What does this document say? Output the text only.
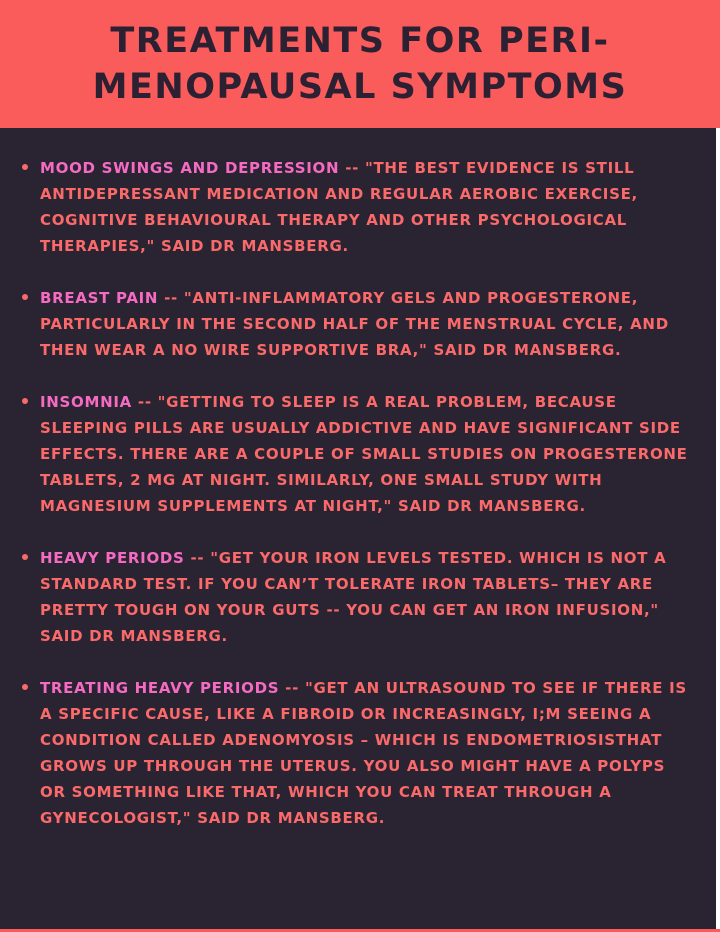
TREATMENTS FOR PERI-
MENOPAUSAL SYMPTOMS
MOOD SWINGS AND DEPRESSION -- "THE BEST EVIDENCE IS STILL ANTIDEPRESSANT MEDICATION AND REGULAR AEROBIC EXERCISE, COGNITIVE BEHAVIOURAL THERAPY AND OTHER PSYCHOLOGICAL THERAPIES," SAID DR MANSBERG.
BREAST PAIN -- "ANTI-INFLAMMATORY GELS AND PROGESTERONE, PARTICULARLY IN THE SECOND HALF OF THE MENSTRUAL CYCLE, AND THEN WEAR A NO WIRE SUPPORTIVE BRA," SAID DR MANSBERG.
INSOMNIA -- "GETTING TO SLEEP IS A REAL PROBLEM, BECAUSE SLEEPING PILLS ARE USUALLY ADDICTIVE AND HAVE SIGNIFICANT SIDE EFFECTS. THERE ARE A COUPLE OF SMALL STUDIES ON PROGESTERONE TABLETS, 2 MG AT NIGHT. SIMILARLY, ONE SMALL STUDY WITH MAGNESIUM SUPPLEMENTS AT NIGHT," SAID DR MANSBERG.
HEAVY PERIODS -- "GET YOUR IRON LEVELS TESTED. WHICH IS NOT A STANDARD TEST. IF YOU CAN’T TOLERATE IRON TABLETS– THEY ARE PRETTY TOUGH ON YOUR GUTS -- YOU CAN GET AN IRON INFUSION," SAID DR MANSBERG.
TREATING HEAVY PERIODS -- "GET AN ULTRASOUND TO SEE IF THERE IS A SPECIFIC CAUSE, LIKE A FIBROID OR INCREASINGLY, I;M SEEING A CONDITION CALLED ADENOMYOSIS – WHICH IS ENDOMETRIOSISTHAT GROWS UP THROUGH THE UTERUS. YOU ALSO MIGHT HAVE A POLYPS OR SOMETHING LIKE THAT, WHICH YOU CAN TREAT THROUGH A GYNECOLOGIST," SAID DR MANSBERG.
